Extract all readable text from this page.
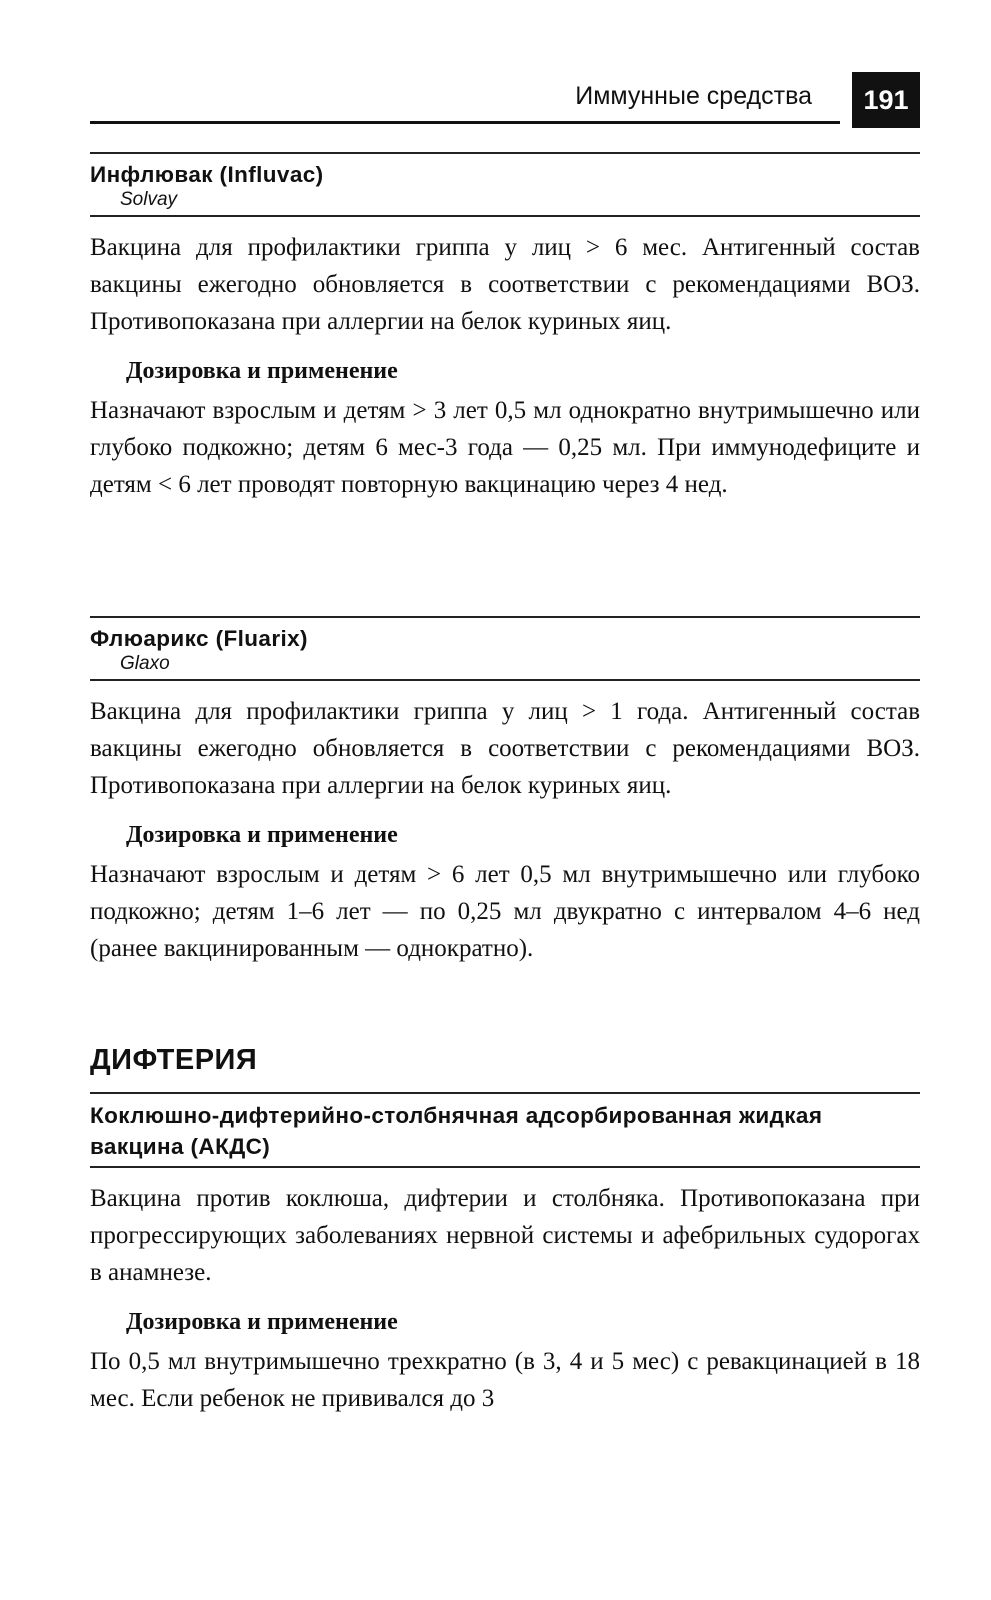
Иммунные средства	191
Инфлювак (Influvac)
Solvay

Вакцина для профилактики гриппа у лиц > 6 мес. Антигенный состав вакцины ежегодно обновляется в соответствии с рекомендациями ВОЗ. Противопоказана при аллергии на белок куриных яиц.

Дозировка и применение

Назначают взрослым и детям > 3 лет 0,5 мл однократно внутримышечно или глубоко подкожно; детям 6 мес-3 года — 0,25 мл. При иммунодефиците и детям < 6 лет проводят повторную вакцинацию через 4 нед.

Флюарикс (Fluarix)
Glaxo

Вакцина для профилактики гриппа у лиц > 1 года. Антигенный состав вакцины ежегодно обновляется в соответствии с рекомендациями ВОЗ. Противопоказана при аллергии на белок куриных яиц.

Дозировка и применение

Назначают взрослым и детям > 6 лет 0,5 мл внутримышечно или глубоко подкожно; детям 1–6 лет — по 0,25 мл двукратно с интервалом 4–6 нед (ранее вакцинированным — однократно).

ДИФТЕРИЯ
Коклюшно-дифтерийно-столбнячная адсорбированная жидкая вакцина (АКДС)

Вакцина против коклюша, дифтерии и столбняка. Противопоказана при прогрессирующих заболеваниях нервной системы и афебрильных судорогах в анамнезе.

Дозировка и применение

По 0,5 мл внутримышечно трехкратно (в 3, 4 и 5 мес) с ревакцинацией в 18 мес. Если ребенок не прививался до 3
